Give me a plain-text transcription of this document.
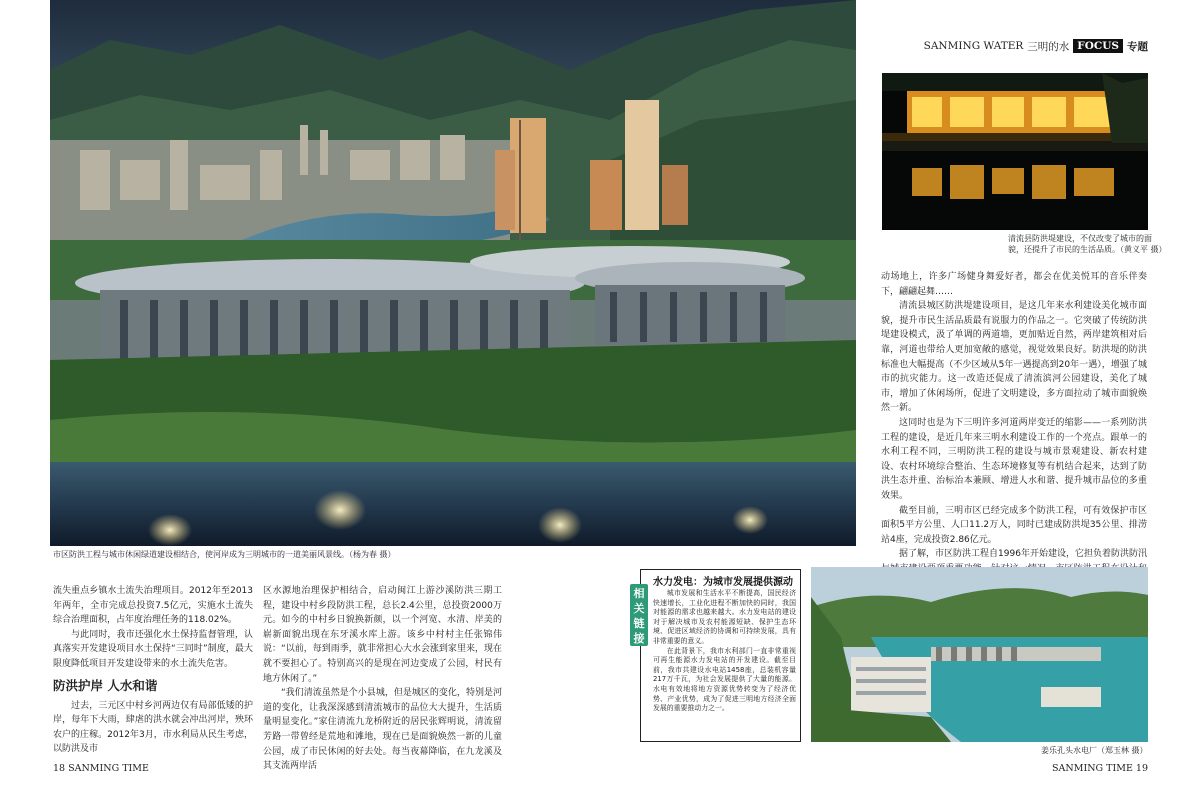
市区防洪工程与城市休闲绿道建设相结合，使河岸成为三明城市的一道美丽风景线。（杨为春 摄）
SANMING WATER 三明的水 FOCUS 专题
清流县防洪堤建设，不仅改变了城市的面
貌，还提升了市民的生活品质。（黄义平 摄）

动场地上，许多广场健身舞爱好者，都会在优美悦耳的音乐伴奏下，翩翩起舞……

清流县城区防洪堤建设项目，是这几年来水利建设美化城市面貌，提升市民生活品质最有说服力的作品之一。它突破了传统防洪堤建设模式，汲了单调的两道墙，更加贴近自然，两岸建筑相对后靠，河道也带给人更加宽敞的感觉，视觉效果良好。防洪堤的防洪标准也大幅提高（不少区域从5年一遇提高到20年一遇），增强了城市的抗灾能力。这一改造还促成了清流滨河公园建设，美化了城市，增加了休闲场所，促进了文明建设，多方面拉动了城市面貌焕然一新。

这同时也是为下三明许多河道两岸变迁的缩影——一系列防洪工程的建设，是近几年来三明水利建设工作的一个亮点。跟单一的水利工程不同，三明防洪工程的建设与城市景观建设、新农村建设、农村环境综合整治、生态环境修复等有机结合起来，达到了防洪生态并重、治标治本兼顾、增进人水和谐、提升城市品位的多重效果。

截至目前，三明市区已经完成多个防洪工程，可有效保护市区面积5平方公里、人口11.2万人，同时已建成防洪堤35公里、排涝站4座，完成投资2.86亿元。

据了解，市区防洪工程自1996年开始建设，它担负着防洪防汛

流失重点乡镇水土流失治理项目。2012年至2013年两年，全市完成总投资7.5亿元，实施水土流失综合治理面积，占年度治理任务的118.02%。

与此同时，我市还强化水土保持监督管理，认真落实开发建设项目水土保持“三同时”制度，最大限度降低项目开发建设带来的水土流失危害。

防洪护岸 人水和谐

过去，三元区中村乡河两边仅有局部低矮的护岸，每年下大雨，肆虐的洪水就会冲出河岸，殃环农户的庄稼。2012年3月，市水利局从民生考虑，以防洪及市

区水源地治理保护相结合，启动闽江上游沙溪防洪三期工程，建设中村乡段防洪工程，总长2.4公里，总投资2000万元。如今的中村乡日貌换新颜，以一个河宽、水清、岸美的崭新面貌出现在东牙溪水库上游。该乡中村村主任张锦伟说：“以前，每到雨季，就非常担心大水会涨到家里来，现在就不要担心了。特别高兴的是现在河边变成了公园，村民有地方休闲了。”

“我们清流虽然是个小县城，但是城区的变化，特别是河道的变化，让我深深感到清流城市的品位大大提升，生活质量明显变化。”家住清流九龙桥附近的居民张辉明说，清流留芳路一带曾经是荒地和滩地，现在已是面貌焕然一新的儿童公园，成了市民休闲的好去处。每当夜幕降临，在九龙溪及其支流两岸活

相关链接
水力发电：为城市发展提供源动

城市发展和生活水平不断提高，国民经济快速增长，工业化进程不断加快的同时，我国对能源的需求也越来越大。水力发电站的建设对于解决城市及农村能源短缺、保护生态环境、促进区域经济的协调和可持续发展，具有非常重要的意义。

在此背景下，我市水利部门一直非常重视可再生能源水力发电站的开发建设。截至目前，我市共建设水电站1458座，总装机容量217万千瓦，为社会发展提供了大量的能源。水电有效地将地方资源优势转变为了经济优势、产业优势，成为了促进三明地方经济全面发展的重要推动力之一。

姜乐孔头水电厂（郑玉林 摄）
18 SANMING TIME	SANMING TIME 19
